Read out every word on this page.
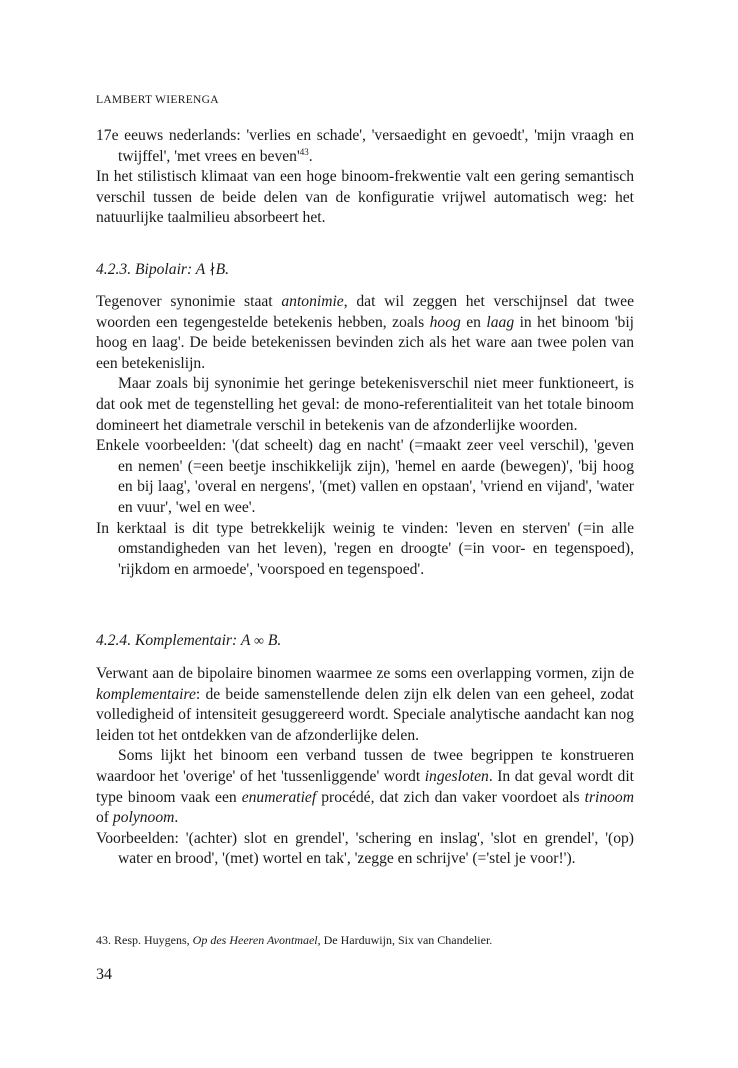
LAMBERT WIERENGA

17e eeuws nederlands: 'verlies en schade', 'versaedight en gevoedt', 'mijn vraagh en twijffel', 'met vrees en $beven'^{43}$.

In het stilistisch klimaat van een hoge binoom-frekwentie valt een gering semantisch verschil tussen de beide delen van de konfiguratie vrijwel automatisch weg: het natuurlijke taalmilieu absorbeert het.

4.2.3. Bipolair: A ∤B.

Tegenover synonimie staat antonimie, dat wil zeggen het verschijnsel dat twee woorden een tegengestelde betekenis hebben, zoals hoog en laag in het binoom 'bij hoog en laag'. De beide betekenissen bevinden zich als het ware aan twee polen van een betekenislijn.

Maar zoals bij synonimie het geringe betekenisverschil niet meer funktioneert, is dat ook met de tegenstelling het geval: de mono-referentialiteit van het totale binoom domineert het diametrale verschil in betekenis van de afzonderlijke woorden.

Enkele voorbeelden: '(dat scheelt) dag en nacht' (=maakt zeer veel verschil), 'geven en nemen' (=een beetje inschikkelijk zijn), 'hemel en aarde (bewegen)', 'bij hoog en bij laag', 'overal en nergens', '(met) vallen en opstaan', 'vriend en vijand', 'water en vuur', 'wel en wee'.

In kerktaal is dit type betrekkelijk weinig te vinden: 'leven en sterven' (=in alle omstandigheden van het leven), 'regen en droogte' (=in voor- en tegenspoed), 'rijkdom en armoede', 'voorspoed en tegenspoed'.

4.2.4. Komplementair: A ∞ B.

Verwant aan de bipolaire binomen waarmee ze soms een overlapping vormen, zijn de komplementaire: de beide samenstellende delen zijn elk delen van een geheel, zodat volledigheid of intensiteit gesuggereerd wordt. Speciale analytische aandacht kan nog leiden tot het ontdekken van de afzonderlijke delen.

Soms lijkt het binoom een verband tussen de twee begrippen te konstrueren waardoor het 'overige' of het 'tussenliggende' wordt ingesloten. In dat geval wordt dit type binoom vaak een enumeratief procédé, dat zich dan vaker voordoet als trinoom of polynoom.

Voorbeelden: '(achter) slot en grendel', 'schering en inslag', 'slot en grendel', '(op) water en brood', '(met) wortel en tak', 'zegge en schrijve' (='stel je voor!').

43. Resp. Huygens, Op des Heeren Avontmael, De Harduwijn, Six van Chandelier.
34
